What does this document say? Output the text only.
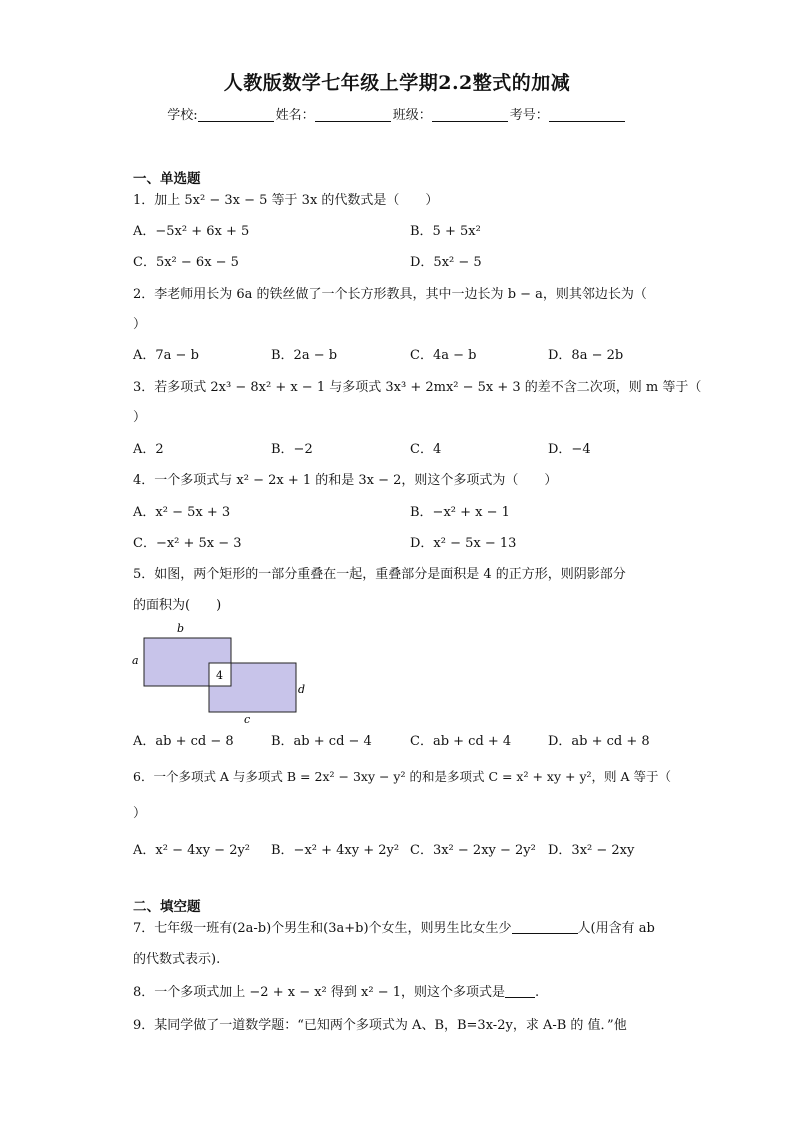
人教版数学七年级上学期2.2整式的加减
学校:	姓名：	班级：	考号：
一、单选题
1．加上 5x² − 3x − 5 等于 3x 的代数式是（　　）
A．−5x² + 6x + 5	B．5 + 5x²
C．5x² − 6x − 5	D．5x² − 5
2．李老师用长为 6a 的铁丝做了一个长方形教具，其中一边长为 b − a，则其邻边长为（
）
A．7a − b	B．2a − b	C．4a − b	D．8a − 2b
3．若多项式 2x³ − 8x² + x − 1 与多项式 3x³ + 2mx² − 5x + 3 的差不含二次项，则 m 等于（
）
A．2	B．−2	C．4	D．−4
4．一个多项式与 x² − 2x + 1 的和是 3x − 2，则这个多项式为（　　）
A．x² − 5x + 3	B．−x² + x − 1
C．−x² + 5x − 3	D．x² − 5x − 13
5．如图，两个矩形的一部分重叠在一起，重叠部分是面积是 4 的正方形，则阴影部分
的面积为(　　)
b
a
4
d
c
A．ab + cd − 8	B．ab + cd − 4	C．ab + cd + 4	D．ab + cd + 8
6．一个多项式 A 与多项式 B = 2x² − 3xy − y² 的和是多项式 C = x² + xy + y²，则 A 等于（
）
A．x² − 4xy − 2y² B．−x² + 4xy + 2y² C．3x² − 2xy − 2y² D．3x² − 2xy
二、填空题
7．七年级一班有(2a-b)个男生和(3a+b)个女生，则男生比女生少	人(用含有 ab
的代数式表示).
8．一个多项式加上 −2 + x − x² 得到 x² − 1，则这个多项式是 .
9．某同学做了一道数学题：“已知两个多项式为 A、B，B=3x-2y，求 A-B 的 值．”他
